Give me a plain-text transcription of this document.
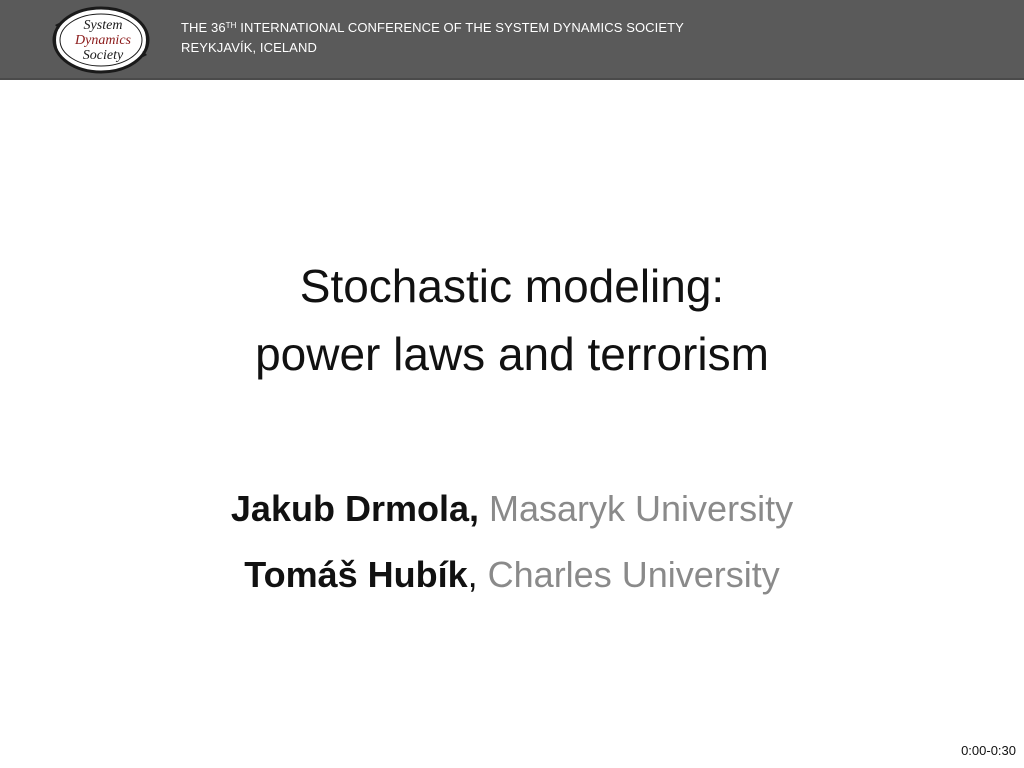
System
Dynamics
Society
THE 36TH INTERNATIONAL CONFERENCE OF THE SYSTEM DYNAMICS SOCIETY
REYKJAVÍK, ICELAND
Stochastic modeling:
power laws and terrorism
Jakub Drmola, Masaryk University
Tomáš Hubík, Charles University
0:00-0:30
